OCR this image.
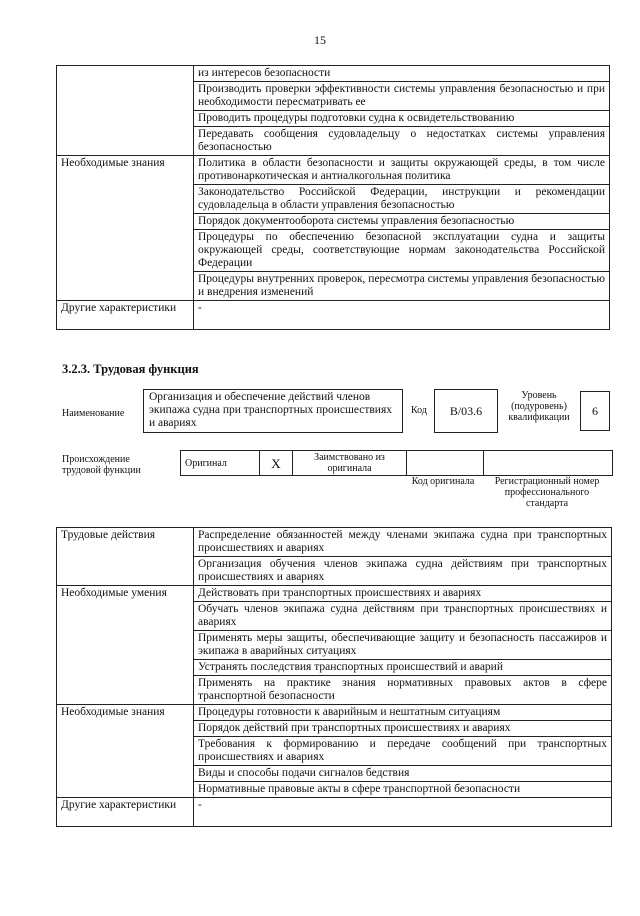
15
	из интересов безопасности
	Производить проверки эффективности системы управления безопасностью и при необходимости пересматривать ее
	Проводить процедуры подготовки судна к освидетельствованию
	Передавать сообщения судовладельцу о недостатках системы управления безопасностью
Необходимые знания	Политика в области безопасности и защиты окружающей среды, в том числе противонаркотическая и антиалкогольная политика
	Законодательство Российской Федерации, инструкции и рекомендации судовладельца в области управления безопасностью
	Порядок документооборота системы управления безопасностью
	Процедуры по обеспечению безопасной эксплуатации судна и защиты окружающей среды, соответствующие нормам законодательства Российской Федерации
	Процедуры внутренних проверок, пересмотра системы управления безопасностью и внедрения изменений
Другие характеристики	-
3.2.3. Трудовая функция
Наименование
Организация и обеспечение действий членов экипажа судна при транспортных происшествиях и авариях
Код	B/03.6
Уровень (подуровень) квалификации	6
Происхождение трудовой функции
Оригинал	X	Заимствовано из оригинала		
Код оригинала	Регистрационный номер профессионального стандарта
Трудовые действия	Распределение обязанностей между членами экипажа судна при транспортных происшествиях и авариях
	Организация обучения членов экипажа судна действиям при транспортных происшествиях и авариях
Необходимые умения	Действовать при транспортных происшествиях и авариях
	Обучать членов экипажа судна действиям при транспортных происшествиях и авариях
	Применять меры защиты, обеспечивающие защиту и безопасность пассажиров и экипажа в аварийных ситуациях
	Устранять последствия транспортных происшествий и аварий
	Применять на практике знания нормативных правовых актов в сфере транспортной безопасности
Необходимые знания	Процедуры готовности к аварийным и нештатным ситуациям
	Порядок действий при транспортных происшествиях и авариях
	Требования к формированию и передаче сообщений при транспортных происшествиях и авариях
	Виды и способы подачи сигналов бедствия
	Нормативные правовые акты в сфере транспортной безопасности
Другие характеристики	-
